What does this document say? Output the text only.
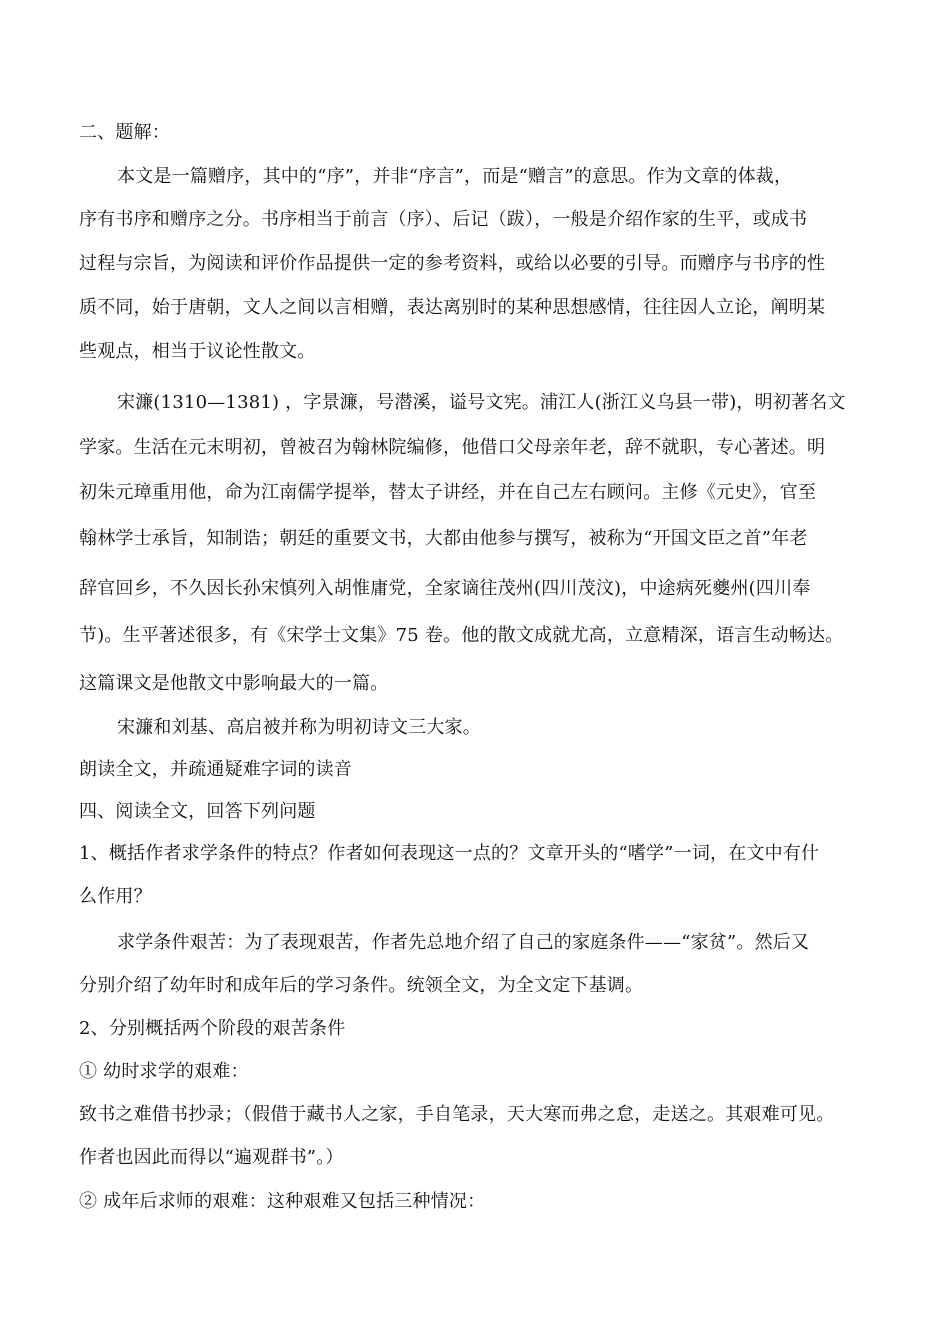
二、题解：
本文是一篇赠序，其中的“序”，并非“序言”，而是“赠言”的意思。作为文章的体裁，
序有书序和赠序之分。书序相当于前言（序）、后记（跋），一般是介绍作家的生平，或成书
过程与宗旨，为阅读和评价作品提供一定的参考资料，或给以必要的引导。而赠序与书序的性
质不同，始于唐朝，文人之间以言相赠，表达离别时的某种思想感情，往往因人立论，阐明某
些观点，相当于议论性散文。
宋濂(1310—1381) ，字景濂，号潜溪，谥号文宪。浦江人(浙江义乌县一带)，明初著名文
学家。生活在元末明初，曾被召为翰林院编修，他借口父母亲年老，辞不就职，专心著述。明
初朱元璋重用他，命为江南儒学提举，替太子讲经，并在自己左右顾问。主修《元史》，官至
翰林学士承旨，知制诰；朝廷的重要文书，大都由他参与撰写，被称为“开国文臣之首”年老
辞官回乡，不久因长孙宋慎列入胡惟庸党，全家谪往茂州(四川茂汶)，中途病死夔州(四川奉
节)。生平著述很多，有《宋学士文集》75 卷。他的散文成就尤高，立意精深，语言生动畅达。
这篇课文是他散文中影响最大的一篇。
宋濂和刘基、高启被并称为明初诗文三大家。
朗读全文，并疏通疑难字词的读音
四、阅读全文，回答下列问题
1、概括作者求学条件的特点？作者如何表现这一点的？文章开头的“嗜学”一词，在文中有什
么作用？
求学条件艰苦：为了表现艰苦，作者先总地介绍了自己的家庭条件——“家贫”。然后又
分别介绍了幼年时和成年后的学习条件。统领全文，为全文定下基调。
2、分别概括两个阶段的艰苦条件
① 幼时求学的艰难：
致书之难借书抄录；（假借于藏书人之家，手自笔录，天大寒而弗之怠，走送之。其艰难可见。
作者也因此而得以“遍观群书”。）
② 成年后求师的艰难：这种艰难又包括三种情况：
